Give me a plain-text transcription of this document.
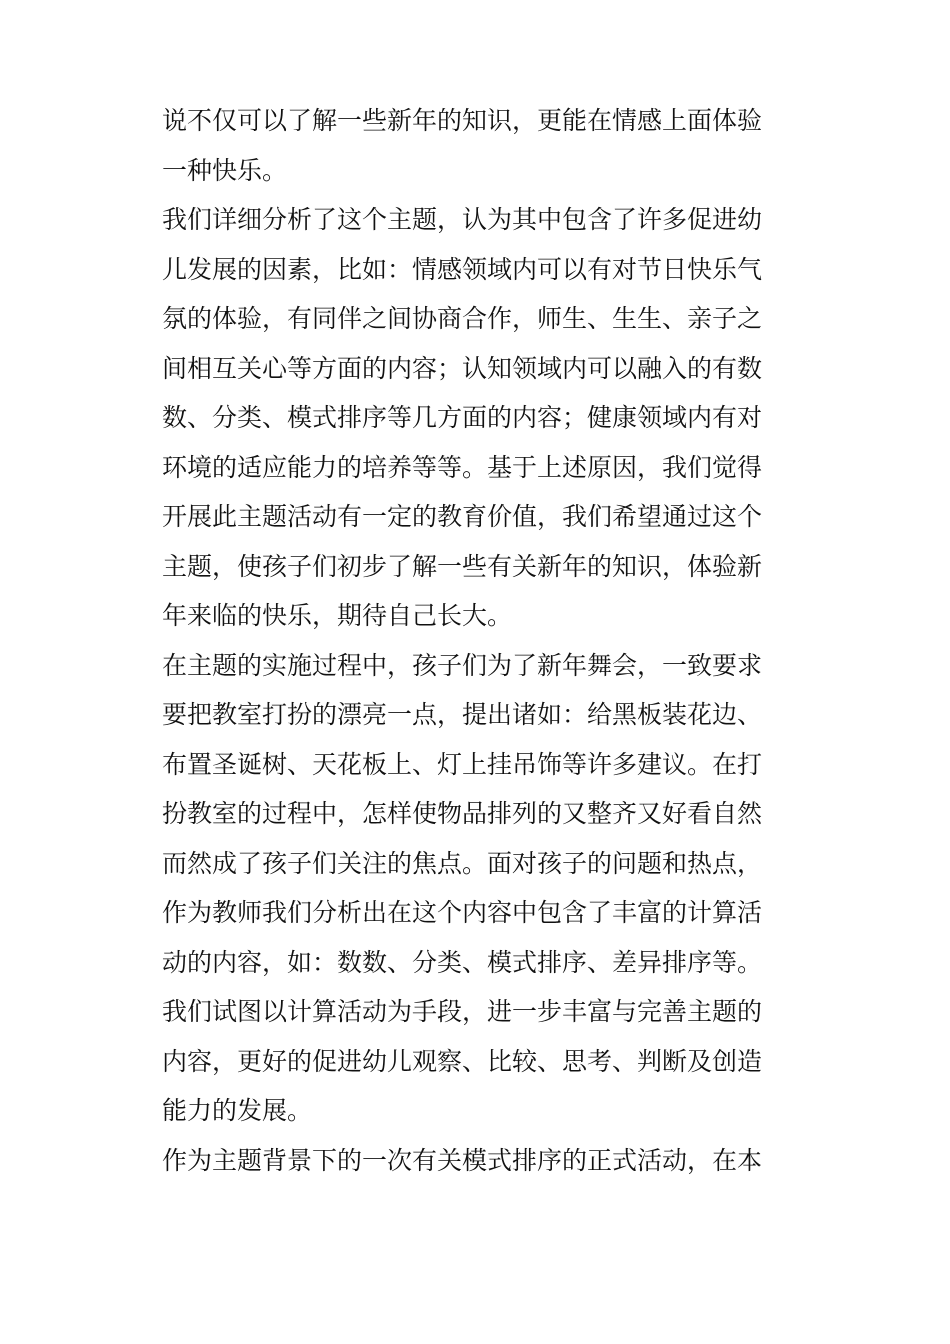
说不仅可以了解一些新年的知识，更能在情感上面体验
一种快乐。
我们详细分析了这个主题，认为其中包含了许多促进幼
儿发展的因素，比如：情感领域内可以有对节日快乐气
氛的体验，有同伴之间协商合作，师生、生生、亲子之
间相互关心等方面的内容；认知领域内可以融入的有数
数、分类、模式排序等几方面的内容；健康领域内有对
环境的适应能力的培养等等。基于上述原因，我们觉得
开展此主题活动有一定的教育价值，我们希望通过这个
主题，使孩子们初步了解一些有关新年的知识，体验新
年来临的快乐，期待自己长大。
在主题的实施过程中，孩子们为了新年舞会，一致要求
要把教室打扮的漂亮一点，提出诸如：给黑板装花边、
布置圣诞树、天花板上、灯上挂吊饰等许多建议。在打
扮教室的过程中，怎样使物品排列的又整齐又好看自然
而然成了孩子们关注的焦点。面对孩子的问题和热点，
作为教师我们分析出在这个内容中包含了丰富的计算活
动的内容，如：数数、分类、模式排序、差异排序等。
我们试图以计算活动为手段，进一步丰富与完善主题的
内容，更好的促进幼儿观察、比较、思考、判断及创造
能力的发展。
作为主题背景下的一次有关模式排序的正式活动，在本
